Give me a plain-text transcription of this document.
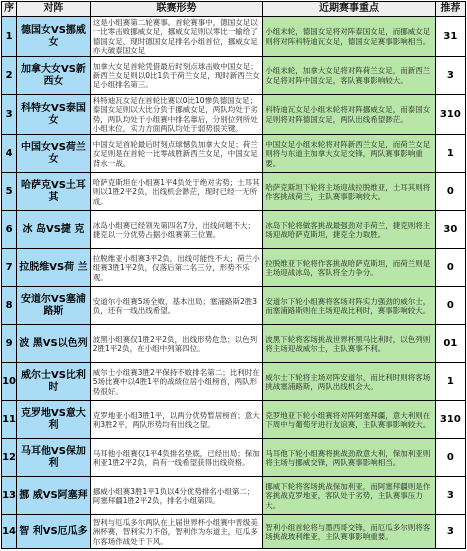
序	对阵	联赛形势	近期赛事重点	推荐
1	德国女VS挪威女	这是小组赛第二轮赛事。首轮赛事中，德国女足以一比零击败挪威女足，挪威女足则以零比一输给了德国女足，现时德国女足排名小组首位，挪威女足亦大破泰国女足	小组末轮，德国女足将对阵泰国女足，而挪威女足则将对阵科特迪瓦女足，德国女足赛事影响相当。	31
2	加拿大女VS新西女	加拿大女足首轮凭借最后时刻点球击败中国女足；新西兰女足则以0比1负于荷兰女足，现时新西兰女足小组排名第三。	小组末轮，加拿大女足将对阵荷兰女足，而新西兰女足将对阵中国女足，客队赛事影响较大。	3
3	科特女VS泰国女	科特迪瓦女足在首轮比赛以0比10惨负德国女足；泰国女足则以大比分负于挪威女足，两队均处于劣势，两队均处于小组赛中排名靠后，分别位列所处小组末位，实力方面两队均处于弱势很关键。	科特迪瓦女足小组末轮将对阵挪威女足，而泰国女足则将对阵德国女足，两队出线希望渺茫。	310
4	中国女VS荷兰女	中国女足首轮最后时刻点球憾负加拿大女足；荷兰女足则是在首轮一比零战胜新西兰女足，中国女足背水一战。	中国女足小组末轮将对阵新西兰女足，而荷兰女足则将与东道主加拿大女足交锋，两队赛事影响重要。	1
5	哈萨克VS土耳其	哈萨克斯坦在小组赛1平4负处于绝对劣势；土耳其则以1胜2平2负，出线机会渺茫，现时已经一无所成。	哈萨克斯坦下轮将主场迎战拉脱维亚，土耳其则将作客挑战荷兰，主队赛事影响较大。	0
6	冰 岛VS捷 克	冰岛小组赛已经领先第四名7分，出线问题不大；捷克以一分优势占据小组赛第三位置。	冰岛下轮将做客挑战最强劲对手荷兰，捷克则将主场迎战哈萨克斯坦，捷克全力取胜。	30
7	拉脱维VS荷 兰	拉脱维亚小组赛3平2负，出线可能性不大；荷兰小组赛3胜1平2负，仅落后第二名三分，形势不乐观。	拉脱维亚下轮将作客挑战哈萨克斯坦，而荷兰则是主场迎战冰岛，客队将全力争分。	0
8	安道尔VS塞浦路斯	安道尔小组赛5场全败，基本出局；塞浦路斯2胜3负，还有一线出线希望。	安道尔下轮小组赛将客场对阵实力强劲的威尔士，而塞浦路斯则在主场迎战比利时，赛事影响较大。	0
9	波 黑VS以色列	波黑小组赛仅1胜2平2负，出线形势危急；以色列2胜1平2负，在小组中列第四位。	波黑下轮将客场挑战世界杯黑马比利时，以色列则将主场迎战威尔士，主队赛事不利。	01
10	威尔士VS比利时	威尔士小组赛3胜2平保持不败排名第二；比利时在5场比赛中以4胜1平的战绩位居小组榜首，两队形势很好。	威尔士下轮将主场对阵安道尔，而比利时则将客场挑战塞浦路斯，两队出线机会大。	1
11	克罗地VS意大利	克罗地亚小组3胜1平，以两分优势暂居榜首；意大利3胜2平，两队形势均有出线之望。	克罗地亚下轮小组赛将对阵阿塞拜疆，意大利则在下周中与葡萄牙进行友谊赛，主队赛事影响较大。	310
12	马耳他VS保加利	马耳他小组赛仅1平4负排名垫底，已经出局；保加利亚1胜2平2负，尚有一线希望获得出线资格。	马耳他下轮小组赛将挑战劲敌意大利，保加利亚则将主场与挪威交锋，两队赛事影响相当。	0
13	挪 威VS阿塞拜	挪威小组赛3胜1平1负以4分优势排名小组第二；阿塞拜疆1胜2平2负，排名小组第四。	挪威下轮将客场挑战保加利亚，而阿塞拜疆则是作客挑战克罗地亚，客队处于劣势，主队赛事压力大。	3
14	智 利VS厄瓜多	智利与厄瓜多尔两队在上届世界杯小组赛中晋级美洲杯赛，智利实力不俗，智利作为东道主，厄瓜多尔客场作战处于下风。	智利小组首轮将与墨西哥交锋，而厄瓜多尔则将客场挑战玻利维亚，主队赛事影响重要。	3
